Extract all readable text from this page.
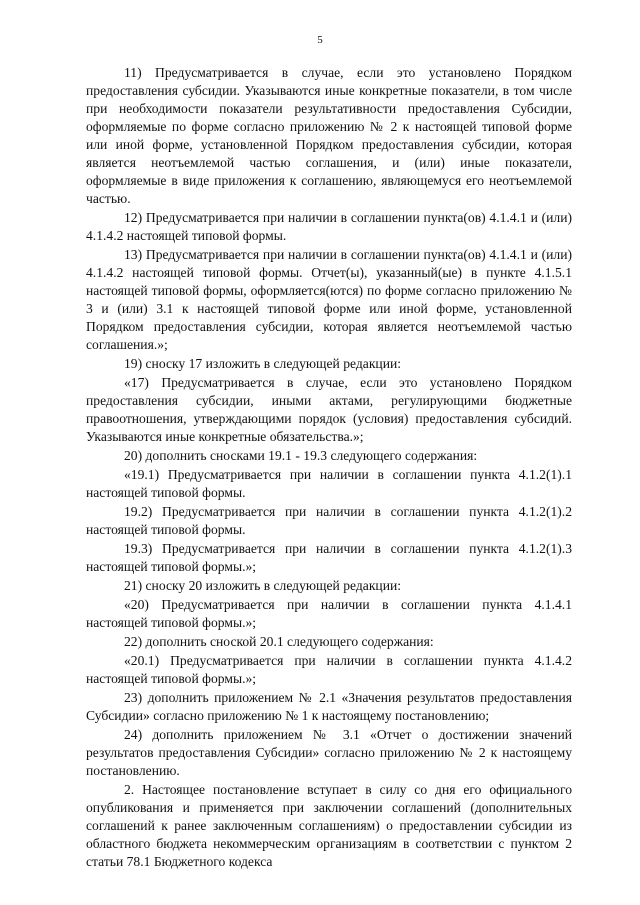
5

11) Предусматривается в случае, если это установлено Порядком предоставления субсидии. Указываются иные конкретные показатели, в том числе при необходимости показатели результативности предоставления Субсидии, оформляемые по форме согласно приложению № 2 к настоящей типовой форме или иной форме, установленной Порядком предоставления субсидии, которая является неотъемлемой частью соглашения, и (или) иные показатели, оформляемые в виде приложения к соглашению, являющемуся его неотъемлемой частью.

12) Предусматривается при наличии в соглашении пункта(ов) 4.1.4.1 и (или) 4.1.4.2 настоящей типовой формы.

13) Предусматривается при наличии в соглашении пункта(ов) 4.1.4.1 и (или) 4.1.4.2 настоящей типовой формы. Отчет(ы), указанный(ые) в пункте 4.1.5.1 настоящей типовой формы, оформляется(ются) по форме согласно приложению № 3 и (или) 3.1 к настоящей типовой форме или иной форме, установленной Порядком предоставления субсидии, которая является неотъемлемой частью соглашения.»;

19) сноску 17 изложить в следующей редакции:

«17) Предусматривается в случае, если это установлено Порядком предоставления субсидии, иными актами, регулирующими бюджетные правоотношения, утверждающими порядок (условия) предоставления субсидий. Указываются иные конкретные обязательства.»;

20) дополнить сносками 19.1 - 19.3 следующего содержания:

«19.1) Предусматривается при наличии в соглашении пункта 4.1.2(1).1 настоящей типовой формы.

19.2) Предусматривается при наличии в соглашении пункта 4.1.2(1).2 настоящей типовой формы.

19.3) Предусматривается при наличии в соглашении пункта 4.1.2(1).3 настоящей типовой формы.»;

21) сноску 20 изложить в следующей редакции:

«20) Предусматривается при наличии в соглашении пункта 4.1.4.1 настоящей типовой формы.»;

22) дополнить сноской 20.1 следующего содержания:

«20.1) Предусматривается при наличии в соглашении пункта 4.1.4.2 настоящей типовой формы.»;

23) дополнить приложением № 2.1 «Значения результатов предоставления Субсидии» согласно приложению № 1 к настоящему постановлению;

24) дополнить приложением № 3.1 «Отчет о достижении значений результатов предоставления Субсидии» согласно приложению № 2 к настоящему постановлению.

2. Настоящее постановление вступает в силу со дня его официального опубликования и применяется при заключении соглашений (дополнительных соглашений к ранее заключенным соглашениям) о предоставлении субсидии из областного бюджета некоммерческим организациям в соответствии с пунктом 2 статьи 78.1 Бюджетного кодекса
